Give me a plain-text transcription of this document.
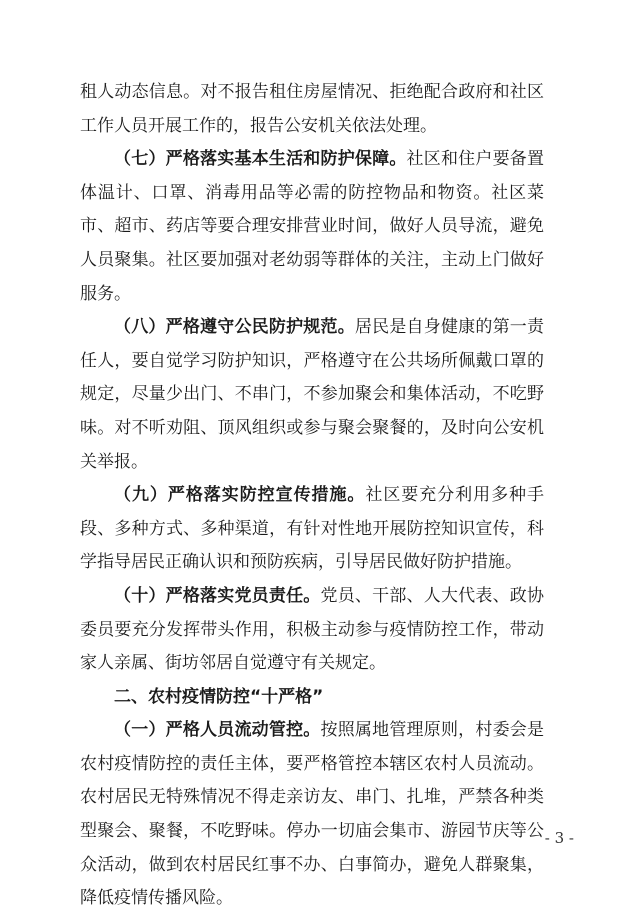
租人动态信息。对不报告租住房屋情况、拒绝配合政府和社区工作人员开展工作的，报告公安机关依法处理。

（七）严格落实基本生活和防护保障。社区和住户要备置体温计、口罩、消毒用品等必需的防控物品和物资。社区菜市、超市、药店等要合理安排营业时间，做好人员导流，避免人员聚集。社区要加强对老幼弱等群体的关注，主动上门做好服务。

（八）严格遵守公民防护规范。居民是自身健康的第一责任人，要自觉学习防护知识，严格遵守在公共场所佩戴口罩的规定，尽量少出门、不串门，不参加聚会和集体活动，不吃野味。对不听劝阻、顶风组织或参与聚会聚餐的，及时向公安机关举报。

（九）严格落实防控宣传措施。社区要充分利用多种手段、多种方式、多种渠道，有针对性地开展防控知识宣传，科学指导居民正确认识和预防疾病，引导居民做好防护措施。

（十）严格落实党员责任。党员、干部、人大代表、政协委员要充分发挥带头作用，积极主动参与疫情防控工作，带动家人亲属、街坊邻居自觉遵守有关规定。

二、农村疫情防控“十严格”

（一）严格人员流动管控。按照属地管理原则，村委会是农村疫情防控的责任主体，要严格管控本辖区农村人员流动。农村居民无特殊情况不得走亲访友、串门、扎堆，严禁各种类型聚会、聚餐，不吃野味。停办一切庙会集市、游园节庆等公众活动，做到农村居民红事不办、白事简办，避免人群聚集，降低疫情传播风险。

- 3 -
